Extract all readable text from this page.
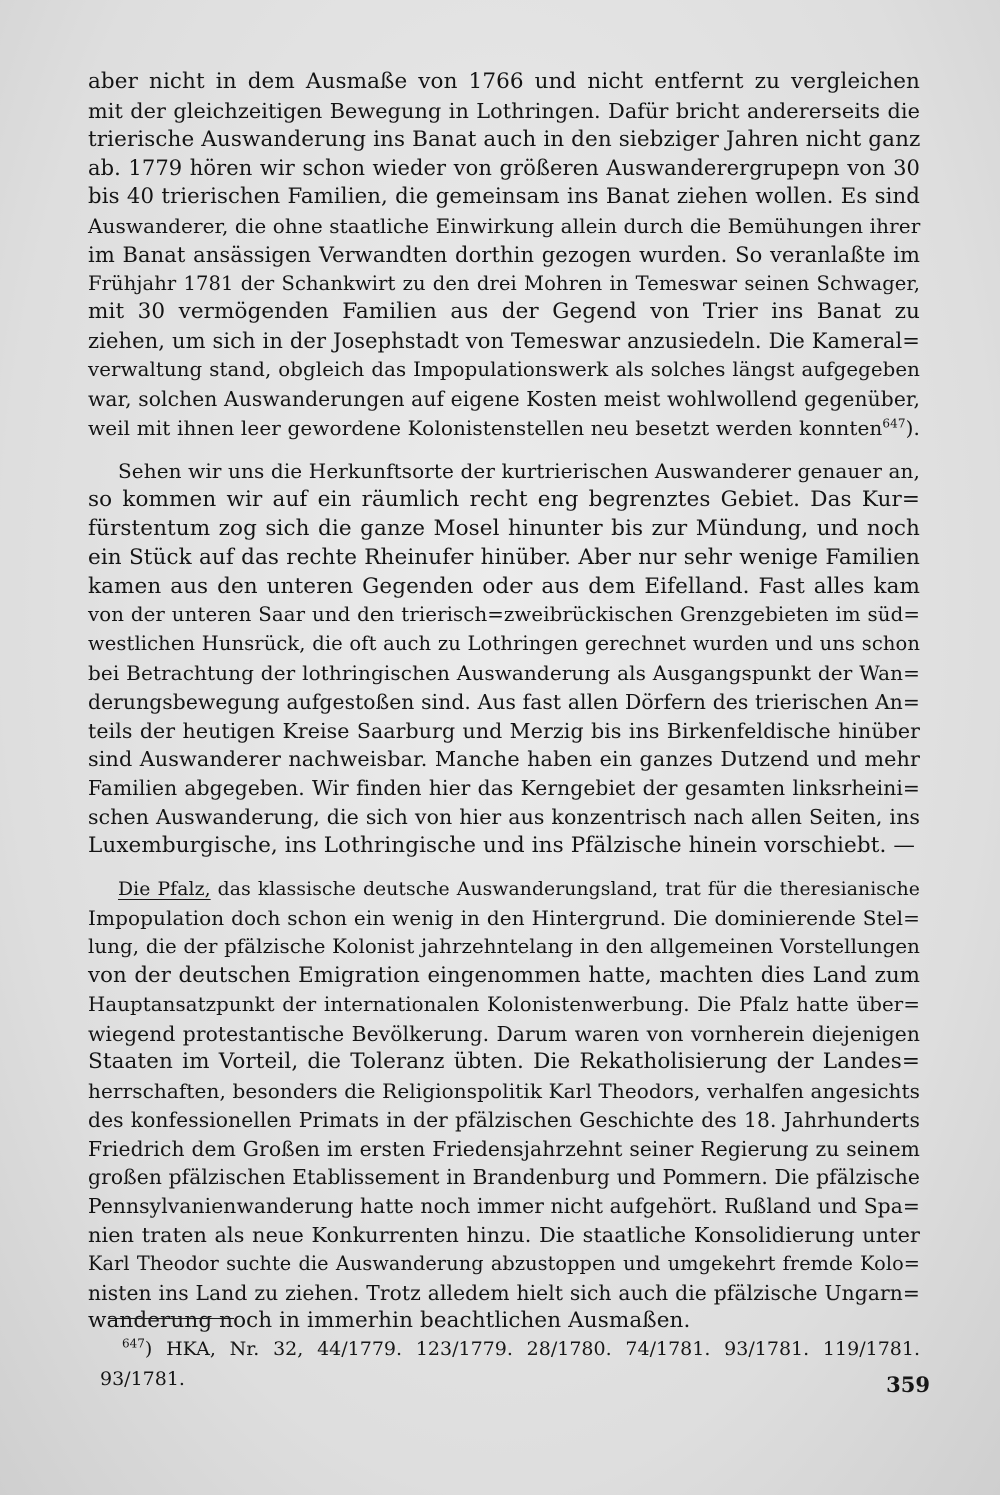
aber nicht in dem Ausmaße von 1766 und nicht entfernt zu vergleichen
mit der gleichzeitigen Bewegung in Lothringen. Dafür bricht andererseits die
trierische Auswanderung ins Banat auch in den siebziger Jahren nicht ganz
ab. 1779 hören wir schon wieder von größeren Auswanderergrupepn von 30
bis 40 trierischen Familien, die gemeinsam ins Banat ziehen wollen. Es sind
Auswanderer, die ohne staatliche Einwirkung allein durch die Bemühungen ihrer
im Banat ansässigen Verwandten dorthin gezogen wurden. So veranlaßte im
Frühjahr 1781 der Schankwirt zu den drei Mohren in Temeswar seinen Schwager,
mit 30 vermögenden Familien aus der Gegend von Trier ins Banat zu
ziehen, um sich in der Josephstadt von Temeswar anzusiedeln. Die Kameral=
verwaltung stand, obgleich das Impopulationswerk als solches längst aufgegeben
war, solchen Auswanderungen auf eigene Kosten meist wohlwollend gegenüber,
weil mit ihnen leer gewordene Kolonistenstellen neu besetzt werden konnten$^{647}$).
Sehen wir uns die Herkunftsorte der kurtrierischen Auswanderer genauer an,
so kommen wir auf ein räumlich recht eng begrenztes Gebiet. Das Kur=
fürstentum zog sich die ganze Mosel hinunter bis zur Mündung, und noch
ein Stück auf das rechte Rheinufer hinüber. Aber nur sehr wenige Familien
kamen aus den unteren Gegenden oder aus dem Eifelland. Fast alles kam
von der unteren Saar und den trierisch=zweibrückischen Grenzgebieten im süd=
westlichen Hunsrück, die oft auch zu Lothringen gerechnet wurden und uns schon
bei Betrachtung der lothringischen Auswanderung als Ausgangspunkt der Wan=
derungsbewegung aufgestoßen sind. Aus fast allen Dörfern des trierischen An=
teils der heutigen Kreise Saarburg und Merzig bis ins Birkenfeldische hinüber
sind Auswanderer nachweisbar. Manche haben ein ganzes Dutzend und mehr
Familien abgegeben. Wir finden hier das Kerngebiet der gesamten linksrheini=
schen Auswanderung, die sich von hier aus konzentrisch nach allen Seiten, ins
Luxemburgische, ins Lothringische und ins Pfälzische hinein vorschiebt. —
Die Pfalz, das klassische deutsche Auswanderungsland, trat für die theresianische
Impopulation doch schon ein wenig in den Hintergrund. Die dominierende Stel=
lung, die der pfälzische Kolonist jahrzehntelang in den allgemeinen Vorstellungen
von der deutschen Emigration eingenommen hatte, machten dies Land zum
Hauptansatzpunkt der internationalen Kolonistenwerbung. Die Pfalz hatte über=
wiegend protestantische Bevölkerung. Darum waren von vornherein diejenigen
Staaten im Vorteil, die Toleranz übten. Die Rekatholisierung der Landes=
herrschaften, besonders die Religionspolitik Karl Theodors, verhalfen angesichts
des konfessionellen Primats in der pfälzischen Geschichte des 18. Jahrhunderts
Friedrich dem Großen im ersten Friedensjahrzehnt seiner Regierung zu seinem
großen pfälzischen Etablissement in Brandenburg und Pommern. Die pfälzische
Pennsylvanienwanderung hatte noch immer nicht aufgehört. Rußland und Spa=
nien traten als neue Konkurrenten hinzu. Die staatliche Konsolidierung unter
Karl Theodor suchte die Auswanderung abzustoppen und umgekehrt fremde Kolo=
nisten ins Land zu ziehen. Trotz alledem hielt sich auch die pfälzische Ungarn=
wanderung noch in immerhin beachtlichen Ausmaßen.
$^{647}$) HKA, Nr. 32, 44/1779. 123/1779. 28/1780. 74/1781. 93/1781. 119/1781.
93/1781.	359
